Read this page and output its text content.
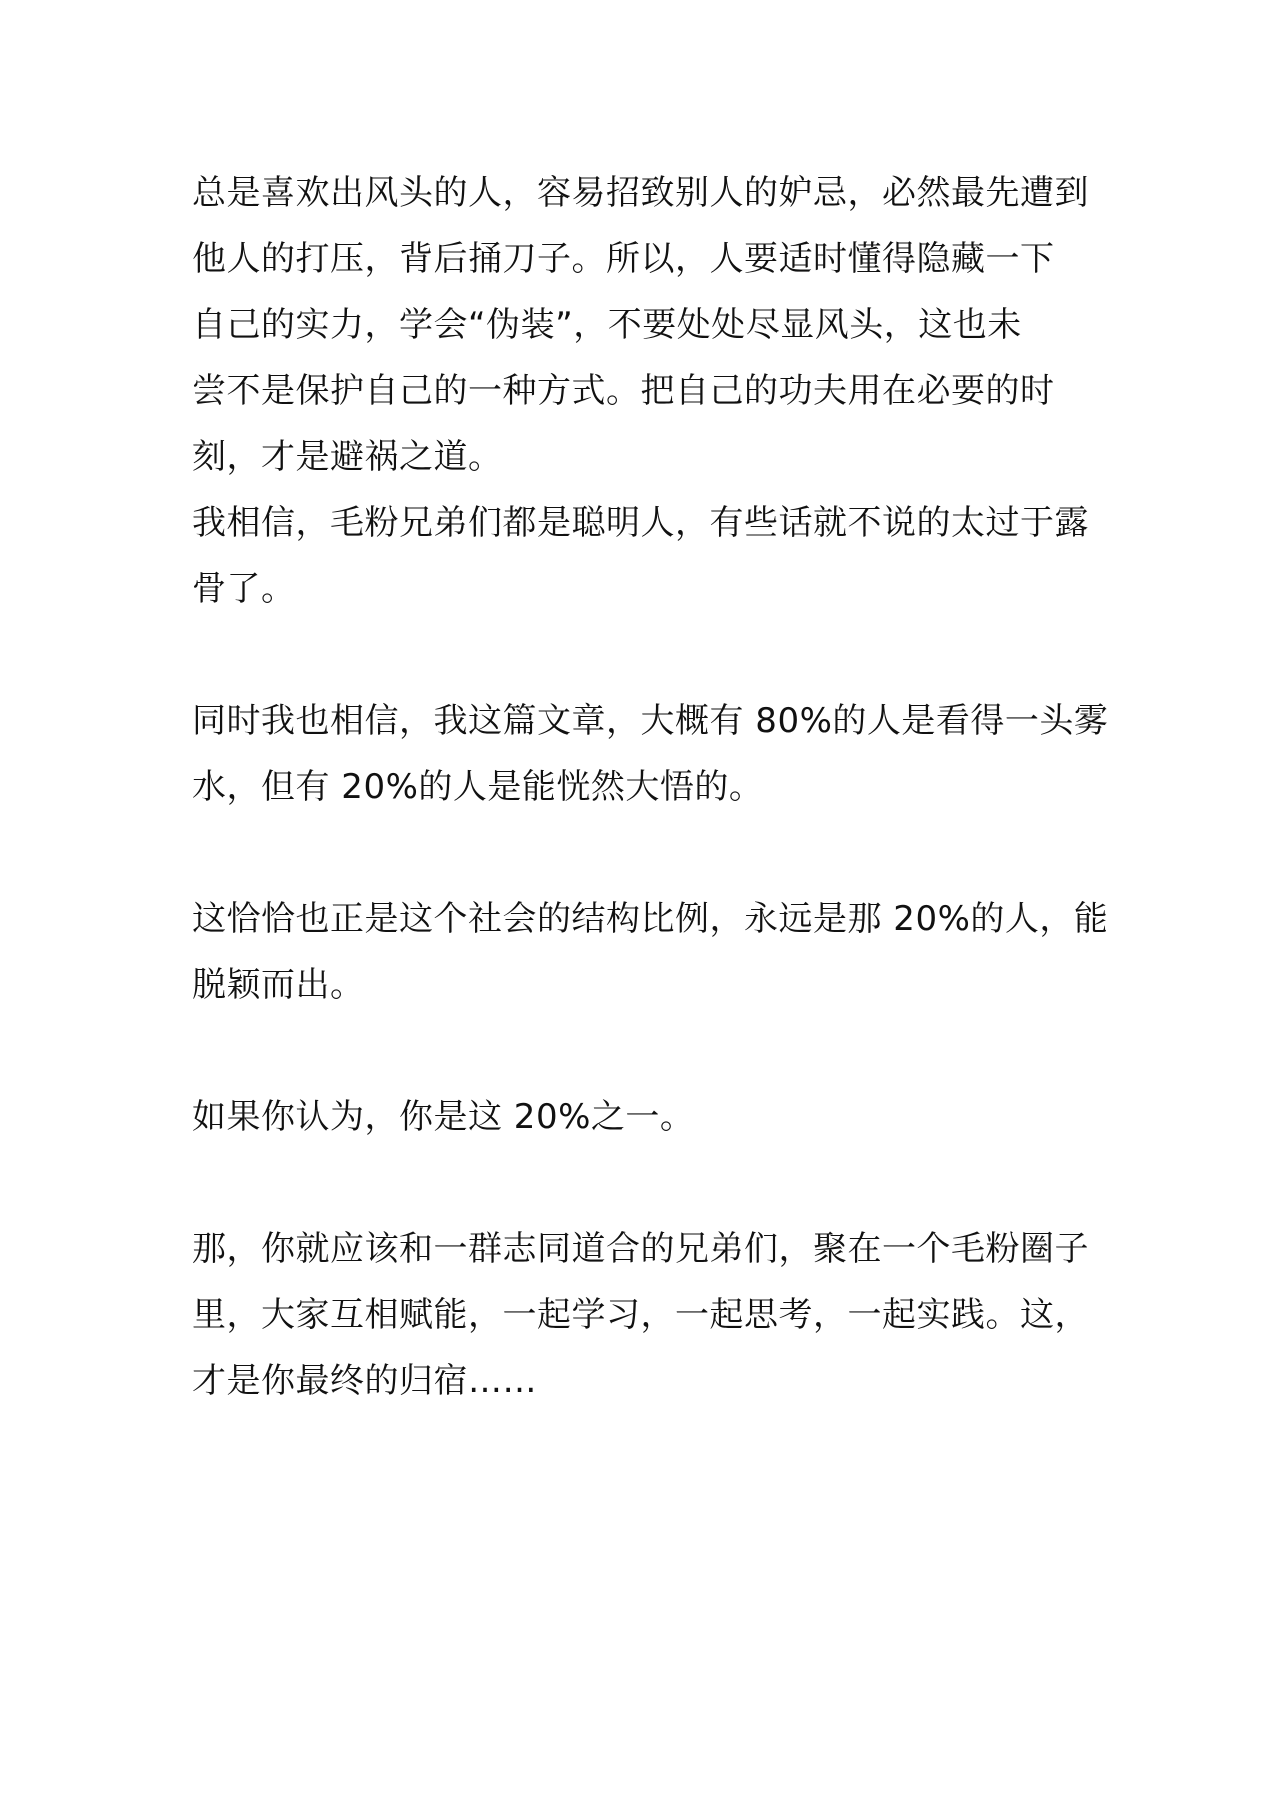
总是喜欢出风头的人，容易招致别人的妒忌，必然最先遭到
他人的打压，背后捅刀子。所以，人要适时懂得隐藏一下
自己的实力，学会“伪装”，不要处处尽显风头，这也未
尝不是保护自己的一种方式。把自己的功夫用在必要的时
刻，才是避祸之道。
我相信，毛粉兄弟们都是聪明人，有些话就不说的太过于露
骨了。
同时我也相信，我这篇文章，大概有 80%的人是看得一头雾
水，但有 20%的人是能恍然大悟的。
这恰恰也正是这个社会的结构比例，永远是那 20%的人，能
脱颖而出。
如果你认为，你是这 20%之一。
那，你就应该和一群志同道合的兄弟们，聚在一个毛粉圈子
里，大家互相赋能，一起学习，一起思考，一起实践。这，
才是你最终的归宿……
